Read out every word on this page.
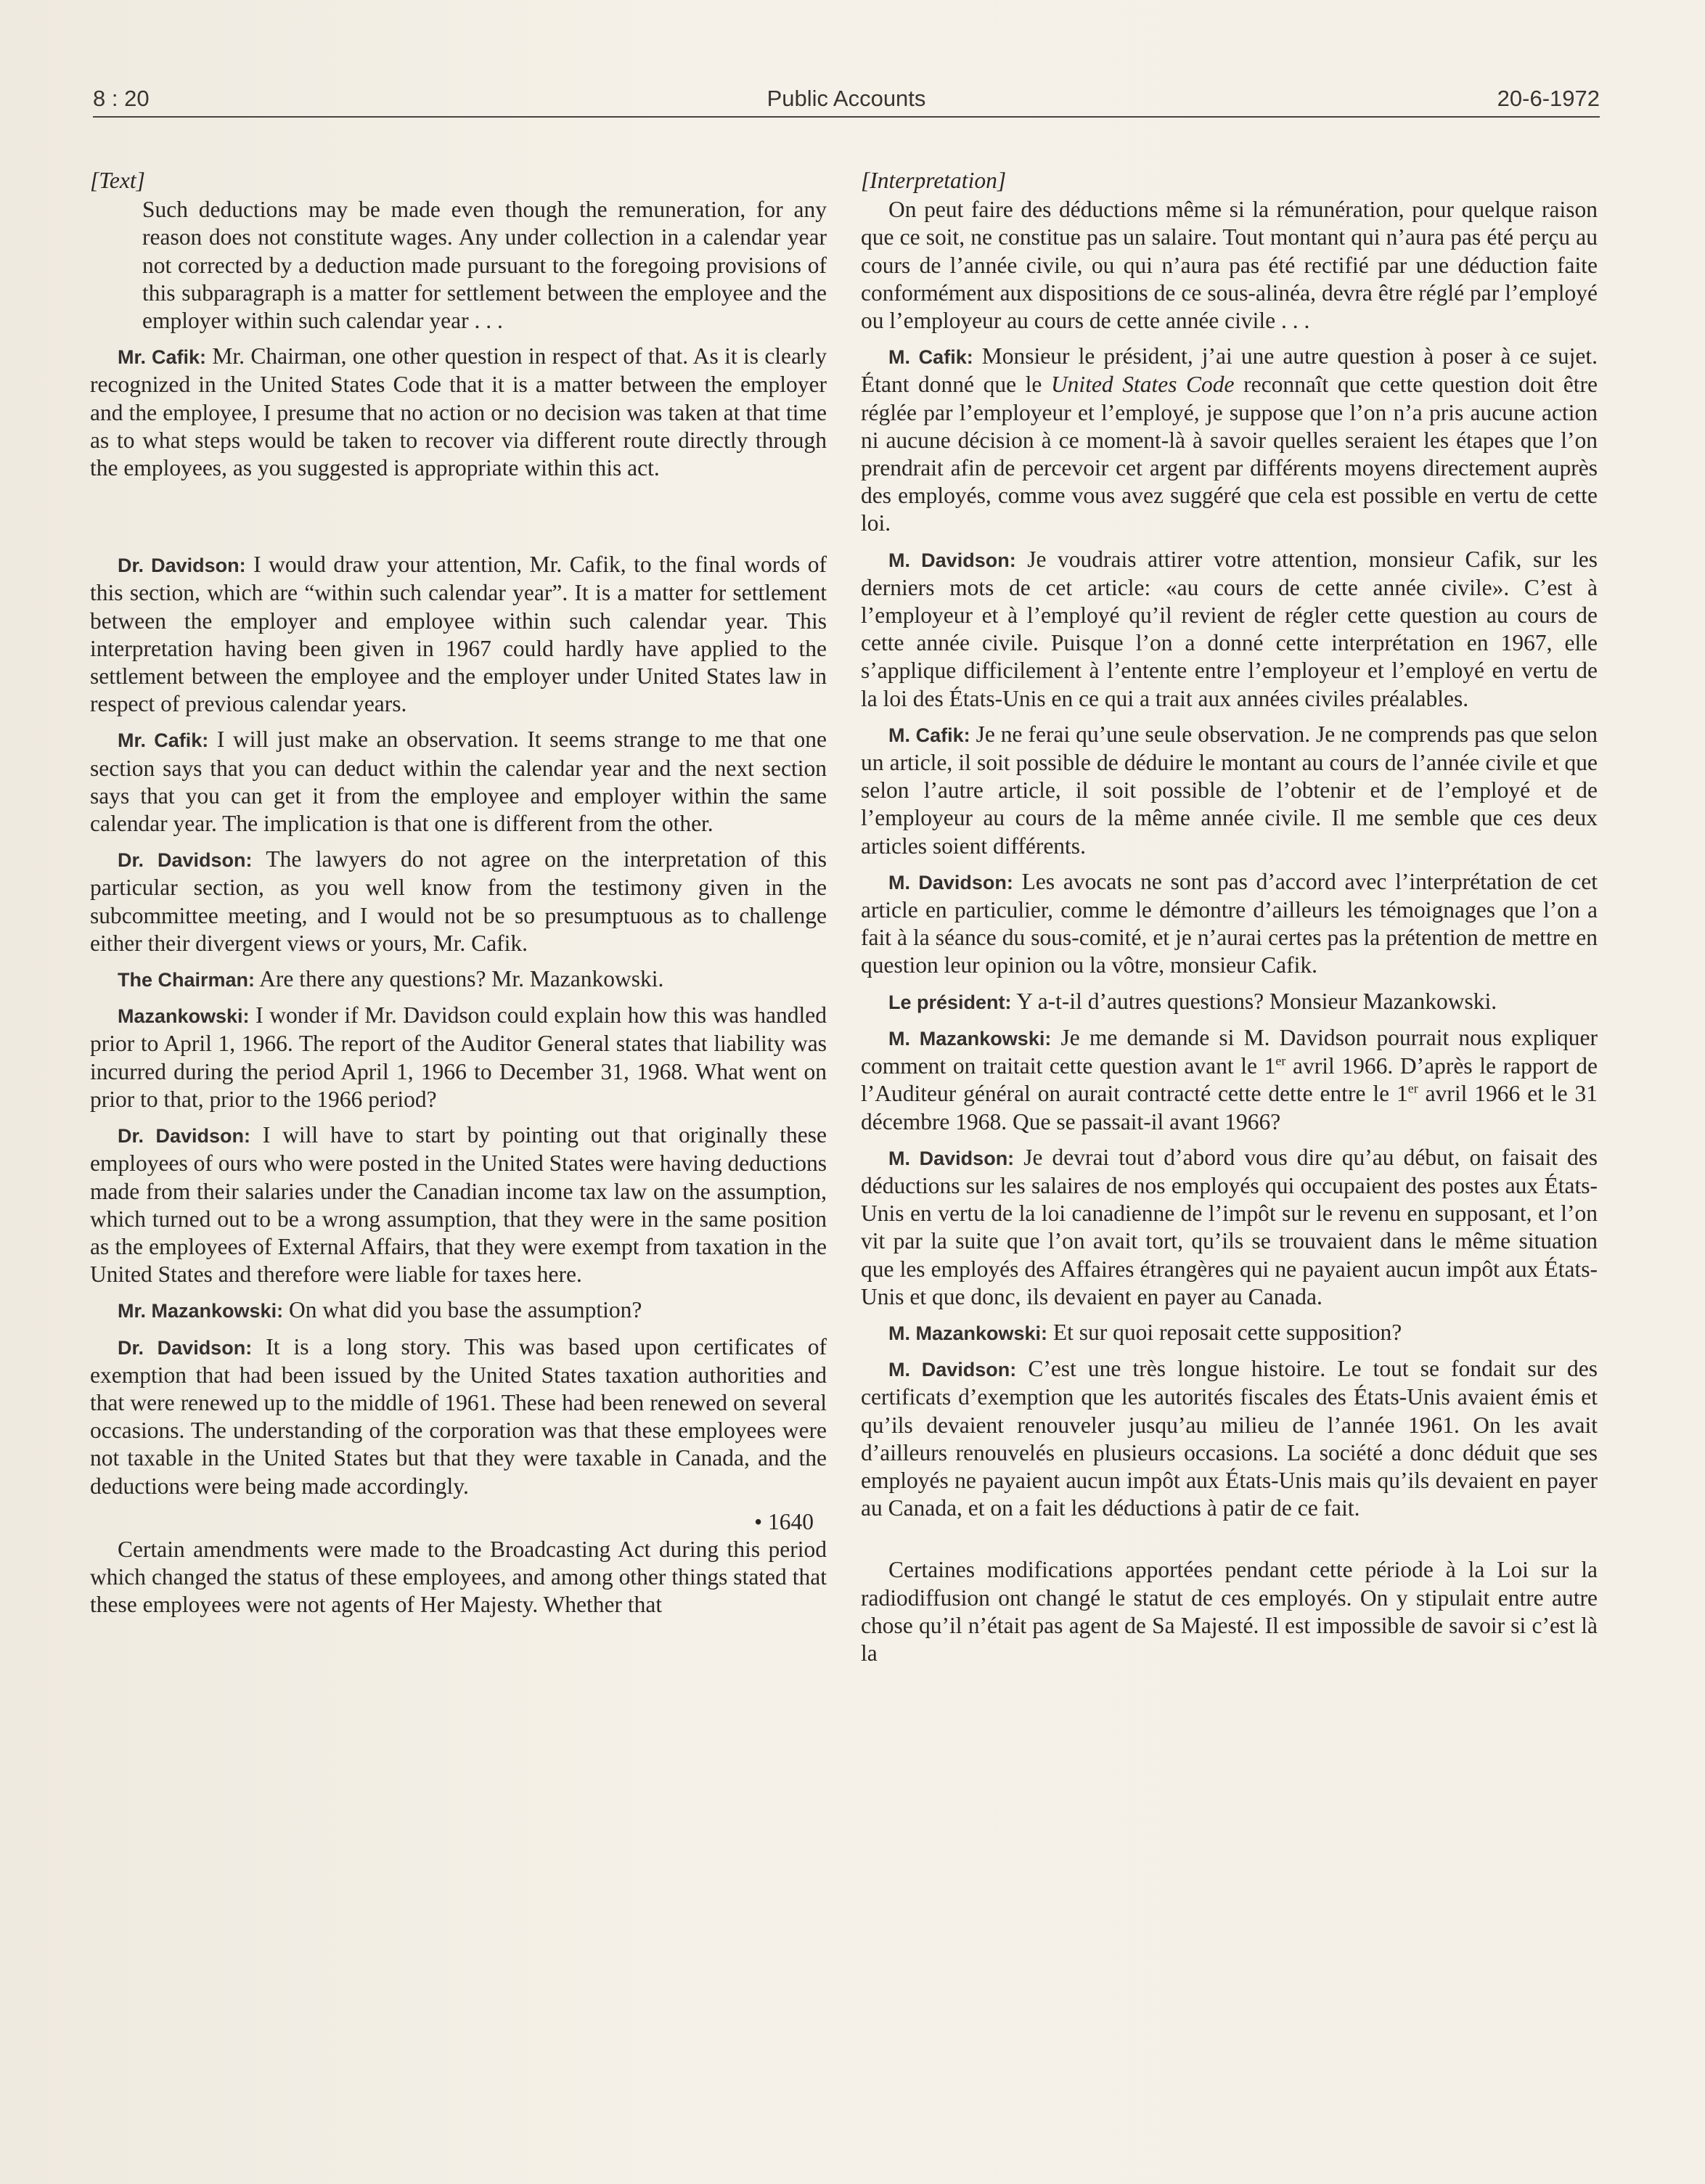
8 : 20	Public Accounts	20-6-1972

[Text]

Such deductions may be made even though the remuneration, for any reason does not constitute wages. Any under collection in a calendar year not corrected by a deduction made pursuant to the foregoing provisions of this subparagraph is a matter for settlement between the employee and the employer within such calendar year . . .

Mr. Cafik: Mr. Chairman, one other question in respect of that. As it is clearly recognized in the United States Code that it is a matter between the employer and the employee, I presume that no action or no decision was taken at that time as to what steps would be taken to recover via different route directly through the employees, as you suggested is appropriate within this act.

Dr. Davidson: I would draw your attention, Mr. Cafik, to the final words of this section, which are “within such calendar year”. It is a matter for settlement between the employer and employee within such calendar year. This interpretation having been given in 1967 could hardly have applied to the settlement between the employee and the employer under United States law in respect of previous calendar years.

Mr. Cafik: I will just make an observation. It seems strange to me that one section says that you can deduct within the calendar year and the next section says that you can get it from the employee and employer within the same calendar year. The implication is that one is different from the other.

Dr. Davidson: The lawyers do not agree on the interpretation of this particular section, as you well know from the testimony given in the subcommittee meeting, and I would not be so presumptuous as to challenge either their divergent views or yours, Mr. Cafik.

The Chairman: Are there any questions? Mr. Mazankowski.

Mazankowski: I wonder if Mr. Davidson could explain how this was handled prior to April 1, 1966. The report of the Auditor General states that liability was incurred during the period April 1, 1966 to December 31, 1968. What went on prior to that, prior to the 1966 period?

Dr. Davidson: I will have to start by pointing out that originally these employees of ours who were posted in the United States were having deductions made from their salaries under the Canadian income tax law on the assumption, which turned out to be a wrong assumption, that they were in the same position as the employees of External Affairs, that they were exempt from taxation in the United States and therefore were liable for taxes here.

Mr. Mazankowski: On what did you base the assumption?

Dr. Davidson: It is a long story. This was based upon certificates of exemption that had been issued by the United States taxation authorities and that were renewed up to the middle of 1961. These had been renewed on several occasions. The understanding of the corporation was that these employees were not taxable in the United States but that they were taxable in Canada, and the deductions were being made accordingly.

• 1640

Certain amendments were made to the Broadcasting Act during this period which changed the status of these employees, and among other things stated that these employees were not agents of Her Majesty. Whether that

[Interpretation]

On peut faire des déductions même si la rémunération, pour quelque raison que ce soit, ne constitue pas un salaire. Tout montant qui n’aura pas été perçu au cours de l’année civile, ou qui n’aura pas été rectifié par une déduction faite conformément aux dispositions de ce sous-alinéa, devra être réglé par l’employé ou l’employeur au cours de cette année civile . . .

M. Cafik: Monsieur le président, j’ai une autre question à poser à ce sujet. Étant donné que le United States Code reconnaît que cette question doit être réglée par l’employeur et l’employé, je suppose que l’on n’a pris aucune action ni aucune décision à ce moment-là à savoir quelles seraient les étapes que l’on prendrait afin de percevoir cet argent par différents moyens directement auprès des employés, comme vous avez suggéré que cela est possible en vertu de cette loi.

M. Davidson: Je voudrais attirer votre attention, monsieur Cafik, sur les derniers mots de cet article: «au cours de cette année civile». C’est à l’employeur et à l’employé qu’il revient de régler cette question au cours de cette année civile. Puisque l’on a donné cette interprétation en 1967, elle s’applique difficilement à l’entente entre l’employeur et l’employé en vertu de la loi des États-Unis en ce qui a trait aux années civiles préalables.

M. Cafik: Je ne ferai qu’une seule observation. Je ne comprends pas que selon un article, il soit possible de déduire le montant au cours de l’année civile et que selon l’autre article, il soit possible de l’obtenir et de l’employé et de l’employeur au cours de la même année civile. Il me semble que ces deux articles soient différents.

M. Davidson: Les avocats ne sont pas d’accord avec l’interprétation de cet article en particulier, comme le démontre d’ailleurs les témoignages que l’on a fait à la séance du sous-comité, et je n’aurai certes pas la prétention de mettre en question leur opinion ou la vôtre, monsieur Cafik.

Le président: Y a-t-il d’autres questions? Monsieur Mazankowski.

M. Mazankowski: Je me demande si M. Davidson pourrait nous expliquer comment on traitait cette question avant le 1er avril 1966. D’après le rapport de l’Auditeur général on aurait contracté cette dette entre le 1er avril 1966 et le 31 décembre 1968. Que se passait-il avant 1966?

M. Davidson: Je devrai tout d’abord vous dire qu’au début, on faisait des déductions sur les salaires de nos employés qui occupaient des postes aux États-Unis en vertu de la loi canadienne de l’impôt sur le revenu en supposant, et l’on vit par la suite que l’on avait tort, qu’ils se trouvaient dans le même situation que les employés des Affaires étrangères qui ne payaient aucun impôt aux États-Unis et que donc, ils devaient en payer au Canada.

M. Mazankowski: Et sur quoi reposait cette supposition?

M. Davidson: C’est une très longue histoire. Le tout se fondait sur des certificats d’exemption que les autorités fiscales des États-Unis avaient émis et qu’ils devaient renouveler jusqu’au milieu de l’année 1961. On les avait d’ailleurs renouvelés en plusieurs occasions. La société a donc déduit que ses employés ne payaient aucun impôt aux États-Unis mais qu’ils devaient en payer au Canada, et on a fait les déductions à patir de ce fait.

Certaines modifications apportées pendant cette période à la Loi sur la radiodiffusion ont changé le statut de ces employés. On y stipulait entre autre chose qu’il n’était pas agent de Sa Majesté. Il est impossible de savoir si c’est là la
